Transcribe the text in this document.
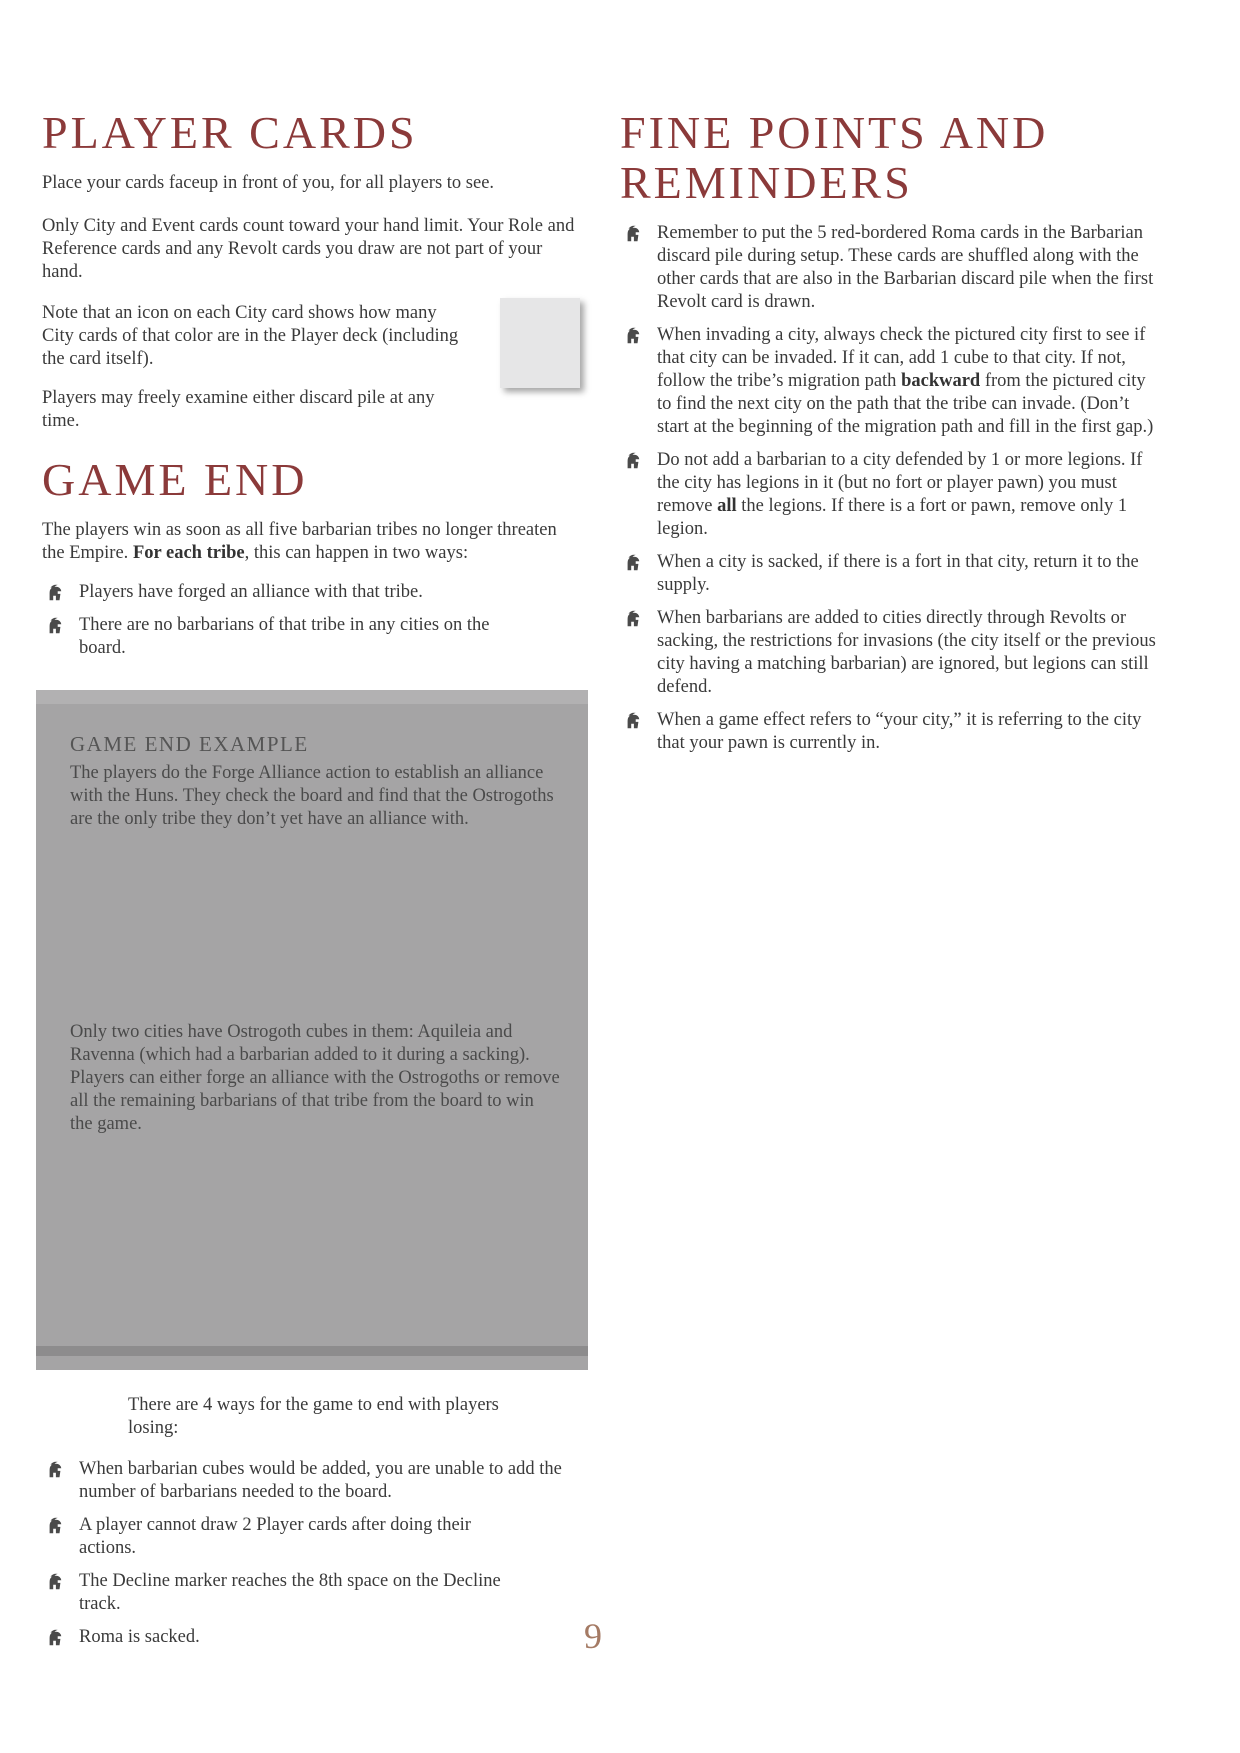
PLAYER CARDS

Place your cards faceup in front of you, for all players to see.

Only City and Event cards count toward your hand limit. Your Role and Reference cards and any Revolt cards you draw are not part of your hand.

Note that an icon on each City card shows how many City cards of that color are in the Player deck (including the card itself).

Players may freely examine either discard pile at any time.

GAME END

The players win as soon as all five barbarian tribes no longer threaten the Empire. For each tribe, this can happen in two ways:

Players have forged an alliance with that tribe.
There are no barbarians of that tribe in any cities on the board.
GAME END EXAMPLE

The players do the Forge Alliance action to establish an alliance with the Huns. They check the board and find that the Ostrogoths are the only tribe they don’t yet have an alliance with.

Only two cities have Ostrogoth cubes in them: Aquileia and Ravenna (which had a barbarian added to it during a sacking). Players can either forge an alliance with the Ostrogoths or remove all the remaining barbarians of that tribe from the board to win the game.

There are 4 ways for the game to end with players losing:

When barbarian cubes would be added, you are unable to add the number of barbarians needed to the board.
A player cannot draw 2 Player cards after doing their actions.
The Decline marker reaches the 8th space on the Decline track.
Roma is sacked.
FINE POINTS AND
REMINDERS
Remember to put the 5 red-bordered Roma cards in the Barbarian discard pile during setup. These cards are shuffled along with the other cards that are also in the Barbarian discard pile when the first Revolt card is drawn.
When invading a city, always check the pictured city first to see if that city can be invaded. If it can, add 1 cube to that city. If not, follow the tribe’s migration path backward from the pictured city to find the next city on the path that the tribe can invade. (Don’t start at the beginning of the migration path and fill in the first gap.)
Do not add a barbarian to a city defended by 1 or more legions. If the city has legions in it (but no fort or player pawn) you must remove all the legions. If there is a fort or pawn, remove only 1 legion.
When a city is sacked, if there is a fort in that city, return it to the supply.
When barbarians are added to cities directly through Revolts or sacking, the restrictions for invasions (the city itself or the previous city having a matching barbarian) are ignored, but legions can still defend.
When a game effect refers to “your city,” it is referring to the city that your pawn is currently in.
9
